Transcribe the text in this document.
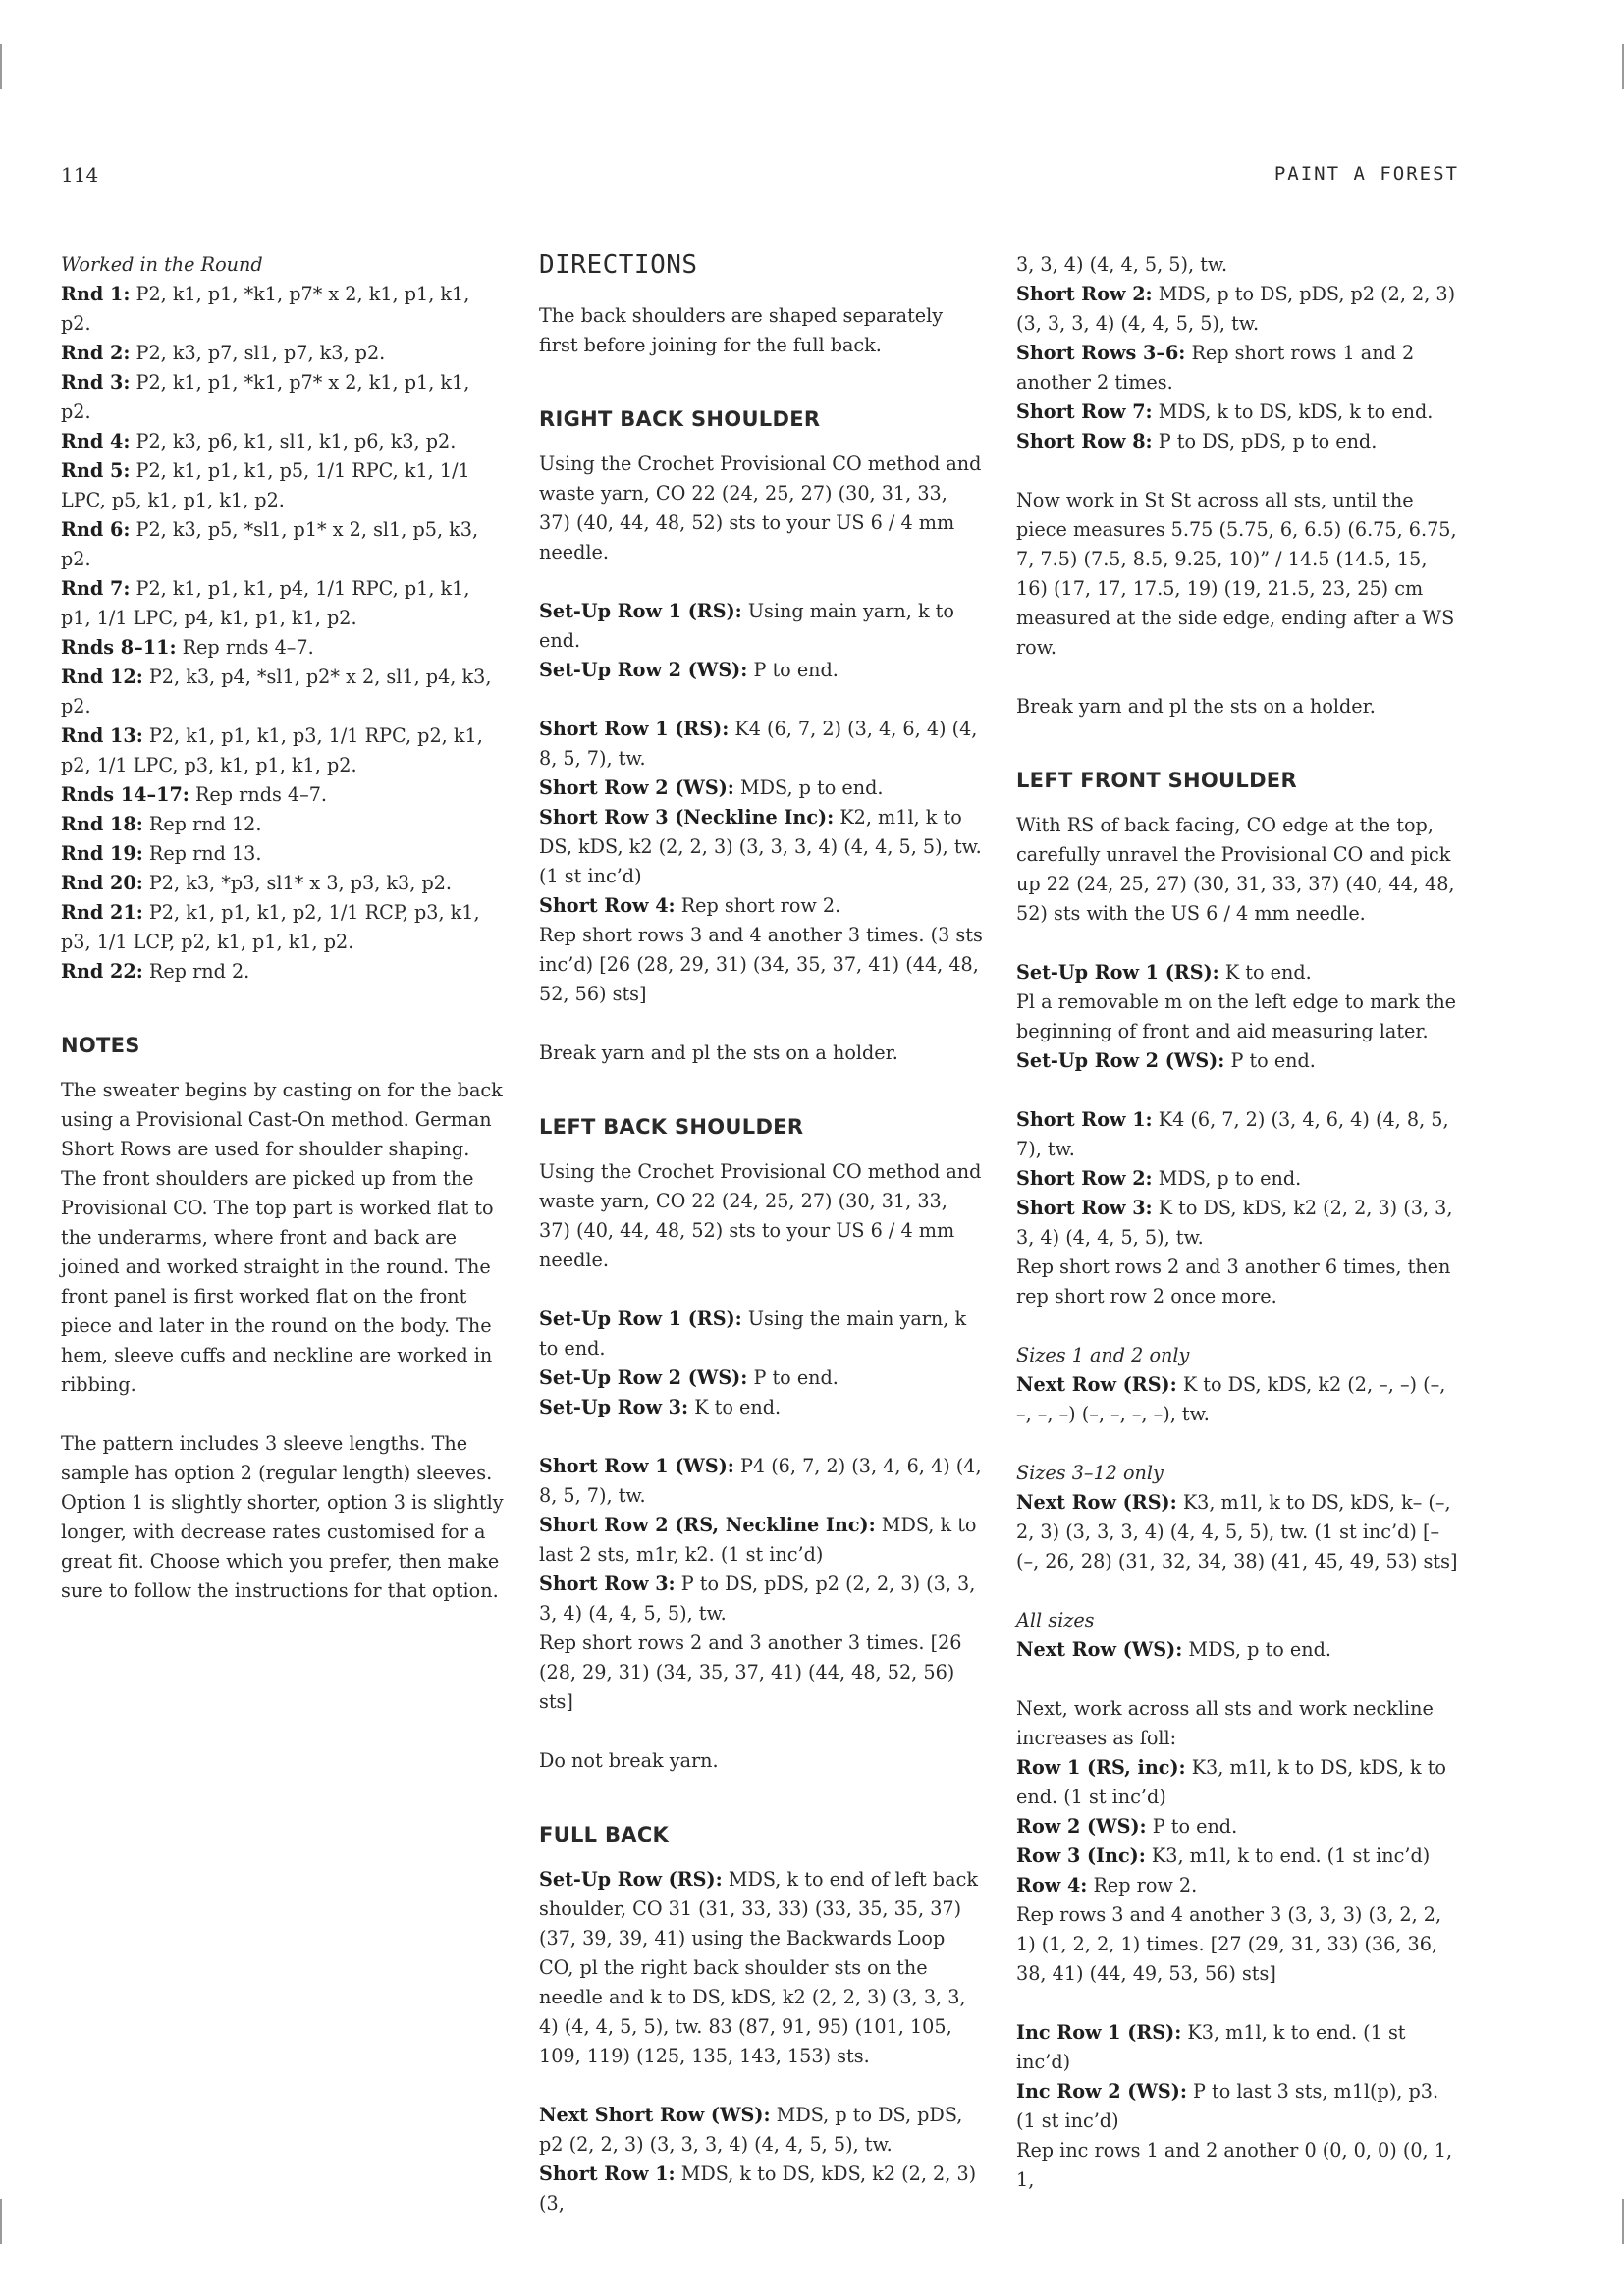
114	PAINT A FOREST

Worked in the Round

Rnd 1: P2, k1, p1, *k1, p7* x 2, k1, p1, k1, p2.

Rnd 2: P2, k3, p7, sl1, p7, k3, p2.

Rnd 3: P2, k1, p1, *k1, p7* x 2, k1, p1, k1, p2.

Rnd 4: P2, k3, p6, k1, sl1, k1, p6, k3, p2.

Rnd 5: P2, k1, p1, k1, p5, 1/1 RPC, k1, 1/1 LPC, p5, k1, p1, k1, p2.

Rnd 6: P2, k3, p5, *sl1, p1* x 2, sl1, p5, k3, p2.

Rnd 7: P2, k1, p1, k1, p4, 1/1 RPC, p1, k1, p1, 1/1 LPC, p4, k1, p1, k1, p2.

Rnds 8–11: Rep rnds 4–7.

Rnd 12: P2, k3, p4, *sl1, p2* x 2, sl1, p4, k3, p2.

Rnd 13: P2, k1, p1, k1, p3, 1/1 RPC, p2, k1, p2, 1/1 LPC, p3, k1, p1, k1, p2.

Rnds 14–17: Rep rnds 4–7.

Rnd 18: Rep rnd 12.

Rnd 19: Rep rnd 13.

Rnd 20: P2, k3, *p3, sl1* x 3, p3, k3, p2.

Rnd 21: P2, k1, p1, k1, p2, 1/1 RCP, p3, k1, p3, 1/1 LCP, p2, k1, p1, k1, p2.

Rnd 22: Rep rnd 2.

NOTES

The sweater begins by casting on for the back using a Provisional Cast-On method. German Short Rows are used for shoulder shaping. The front shoulders are picked up from the Provisional CO. The top part is worked flat to the underarms, where front and back are joined and worked straight in the round. The front panel is first worked flat on the front piece and later in the round on the body. The hem, sleeve cuffs and neckline are worked in ribbing.

The pattern includes 3 sleeve lengths. The sample has option 2 (regular length) sleeves. Option 1 is slightly shorter, option 3 is slightly longer, with decrease rates customised for a great fit. Choose which you prefer, then make sure to follow the instructions for that option.

DIRECTIONS

The back shoulders are shaped separately first before joining for the full back.

RIGHT BACK SHOULDER

Using the Crochet Provisional CO method and waste yarn, CO 22 (24, 25, 27) (30, 31, 33, 37) (40, 44, 48, 52) sts to your US 6 / 4 mm needle.

Set-Up Row 1 (RS): Using main yarn, k to end.

Set-Up Row 2 (WS): P to end.

Short Row 1 (RS): K4 (6, 7, 2) (3, 4, 6, 4) (4, 8, 5, 7), tw.

Short Row 2 (WS): MDS, p to end.

Short Row 3 (Neckline Inc): K2, m1l, k to DS, kDS, k2 (2, 2, 3) (3, 3, 3, 4) (4, 4, 5, 5), tw. (1 st inc’d)

Short Row 4: Rep short row 2.

Rep short rows 3 and 4 another 3 times. (3 sts inc’d) [26 (28, 29, 31) (34, 35, 37, 41) (44, 48, 52, 56) sts]

Break yarn and pl the sts on a holder.

LEFT BACK SHOULDER

Using the Crochet Provisional CO method and waste yarn, CO 22 (24, 25, 27) (30, 31, 33, 37) (40, 44, 48, 52) sts to your US 6 / 4 mm needle.

Set-Up Row 1 (RS): Using the main yarn, k to end.

Set-Up Row 2 (WS): P to end.

Set-Up Row 3: K to end.

Short Row 1 (WS): P4 (6, 7, 2) (3, 4, 6, 4) (4, 8, 5, 7), tw.

Short Row 2 (RS, Neckline Inc): MDS, k to last 2 sts, m1r, k2. (1 st inc’d)

Short Row 3: P to DS, pDS, p2 (2, 2, 3) (3, 3, 3, 4) (4, 4, 5, 5), tw.

Rep short rows 2 and 3 another 3 times. [26 (28, 29, 31) (34, 35, 37, 41) (44, 48, 52, 56) sts]

Do not break yarn.

FULL BACK

Set-Up Row (RS): MDS, k to end of left back shoulder, CO 31 (31, 33, 33) (33, 35, 35, 37) (37, 39, 39, 41) using the Backwards Loop CO, pl the right back shoulder sts on the needle and k to DS, kDS, k2 (2, 2, 3) (3, 3, 3, 4) (4, 4, 5, 5), tw. 83 (87, 91, 95) (101, 105, 109, 119) (125, 135, 143, 153) sts.

Next Short Row (WS): MDS, p to DS, pDS, p2 (2, 2, 3) (3, 3, 3, 4) (4, 4, 5, 5), tw.

Short Row 1: MDS, k to DS, kDS, k2 (2, 2, 3) (3,

3, 3, 4) (4, 4, 5, 5), tw.

Short Row 2: MDS, p to DS, pDS, p2 (2, 2, 3) (3, 3, 3, 4) (4, 4, 5, 5), tw.

Short Rows 3–6: Rep short rows 1 and 2 another 2 times.

Short Row 7: MDS, k to DS, kDS, k to end.

Short Row 8: P to DS, pDS, p to end.

Now work in St St across all sts, until the piece measures 5.75 (5.75, 6, 6.5) (6.75, 6.75, 7, 7.5) (7.5, 8.5, 9.25, 10)” / 14.5 (14.5, 15, 16) (17, 17, 17.5, 19) (19, 21.5, 23, 25) cm measured at the side edge, ending after a WS row.

Break yarn and pl the sts on a holder.

LEFT FRONT SHOULDER

With RS of back facing, CO edge at the top, carefully unravel the Provisional CO and pick up 22 (24, 25, 27) (30, 31, 33, 37) (40, 44, 48, 52) sts with the US 6 / 4 mm needle.

Set-Up Row 1 (RS): K to end.

Pl a removable m on the left edge to mark the beginning of front and aid measuring later.

Set-Up Row 2 (WS): P to end.

Short Row 1: K4 (6, 7, 2) (3, 4, 6, 4) (4, 8, 5, 7), tw.

Short Row 2: MDS, p to end.

Short Row 3: K to DS, kDS, k2 (2, 2, 3) (3, 3, 3, 4) (4, 4, 5, 5), tw.

Rep short rows 2 and 3 another 6 times, then rep short row 2 once more.

Sizes 1 and 2 only

Next Row (RS): K to DS, kDS, k2 (2, –, –) (–, –, –, –) (–, –, –, –), tw.

Sizes 3–12 only

Next Row (RS): K3, m1l, k to DS, kDS, k– (–, 2, 3) (3, 3, 3, 4) (4, 4, 5, 5), tw. (1 st inc’d) [– (–, 26, 28) (31, 32, 34, 38) (41, 45, 49, 53) sts]

All sizes

Next Row (WS): MDS, p to end.

Next, work across all sts and work neckline increases as foll:

Row 1 (RS, inc): K3, m1l, k to DS, kDS, k to end. (1 st inc’d)

Row 2 (WS): P to end.

Row 3 (Inc): K3, m1l, k to end. (1 st inc’d)

Row 4: Rep row 2.

Rep rows 3 and 4 another 3 (3, 3, 3) (3, 2, 2, 1) (1, 2, 2, 1) times. [27 (29, 31, 33) (36, 36, 38, 41) (44, 49, 53, 56) sts]

Inc Row 1 (RS): K3, m1l, k to end. (1 st inc’d)

Inc Row 2 (WS): P to last 3 sts, m1l(p), p3. (1 st inc’d)

Rep inc rows 1 and 2 another 0 (0, 0, 0) (0, 1, 1,
